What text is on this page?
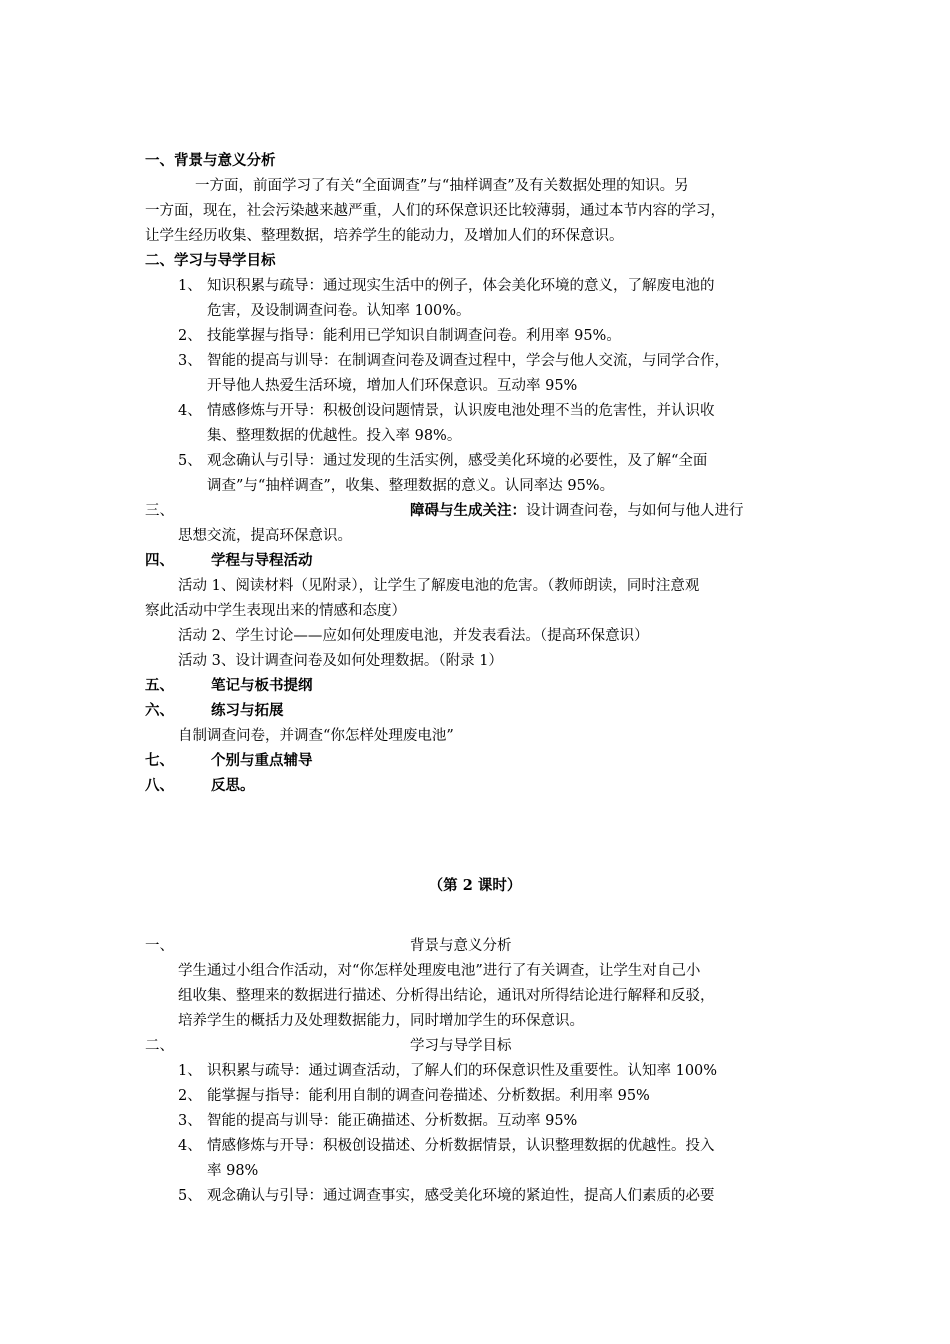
一、背景与意义分析
一方面，前面学习了有关“全面调查”与“抽样调查”及有关数据处理的知识。另
一方面，现在，社会污染越来越严重，人们的环保意识还比较薄弱，通过本节内容的学习，
让学生经历收集、整理数据，培养学生的能动力，及增加人们的环保意识。
二、学习与导学目标
1、 知识积累与疏导：通过现实生活中的例子，体会美化环境的意义，了解废电池的
危害，及设制调查问卷。认知率 100%。
2、 技能掌握与指导：能利用已学知识自制调查问卷。利用率 95%。
3、 智能的提高与训导：在制调查问卷及调查过程中，学会与他人交流，与同学合作，
开导他人热爱生活环境，增加人们环保意识。互动率 95%
4、 情感修炼与开导：积极创设问题情景，认识废电池处理不当的危害性，并认识收
集、整理数据的优越性。投入率 98%。
5、 观念确认与引导：通过发现的生活实例，感受美化环境的必要性，及了解“全面
调查”与“抽样调查”，收集、整理数据的意义。认同率达 95%。
三、	障碍与生成关注：设计调查问卷，与如何与他人进行
思想交流，提高环保意识。
四、	学程与导程活动
活动 1、阅读材料（见附录），让学生了解废电池的危害。（教师朗读，同时注意观
察此活动中学生表现出来的情感和态度）
活动 2、学生讨论——应如何处理废电池，并发表看法。（提高环保意识）
活动 3、设计调查问卷及如何处理数据。（附录 1）
五、	笔记与板书提纲
六、	练习与拓展
自制调查问卷，并调查“你怎样处理废电池”
七、	个别与重点辅导
八、	反思。
（第 2 课时）
一、	背景与意义分析
学生通过小组合作活动，对“你怎样处理废电池”进行了有关调查，让学生对自己小
组收集、整理来的数据进行描述、分析得出结论，通讯对所得结论进行解释和反驳，
培养学生的概括力及处理数据能力，同时增加学生的环保意识。
二、	学习与导学目标
1、 识积累与疏导：通过调查活动，了解人们的环保意识性及重要性。认知率 100%
2、 能掌握与指导：能利用自制的调查问卷描述、分析数据。利用率 95%
3、 智能的提高与训导：能正确描述、分析数据。互动率 95%
4、 情感修炼与开导：积极创设描述、分析数据情景，认识整理数据的优越性。投入
率 98%
5、 观念确认与引导：通过调查事实，感受美化环境的紧迫性，提高人们素质的必要
